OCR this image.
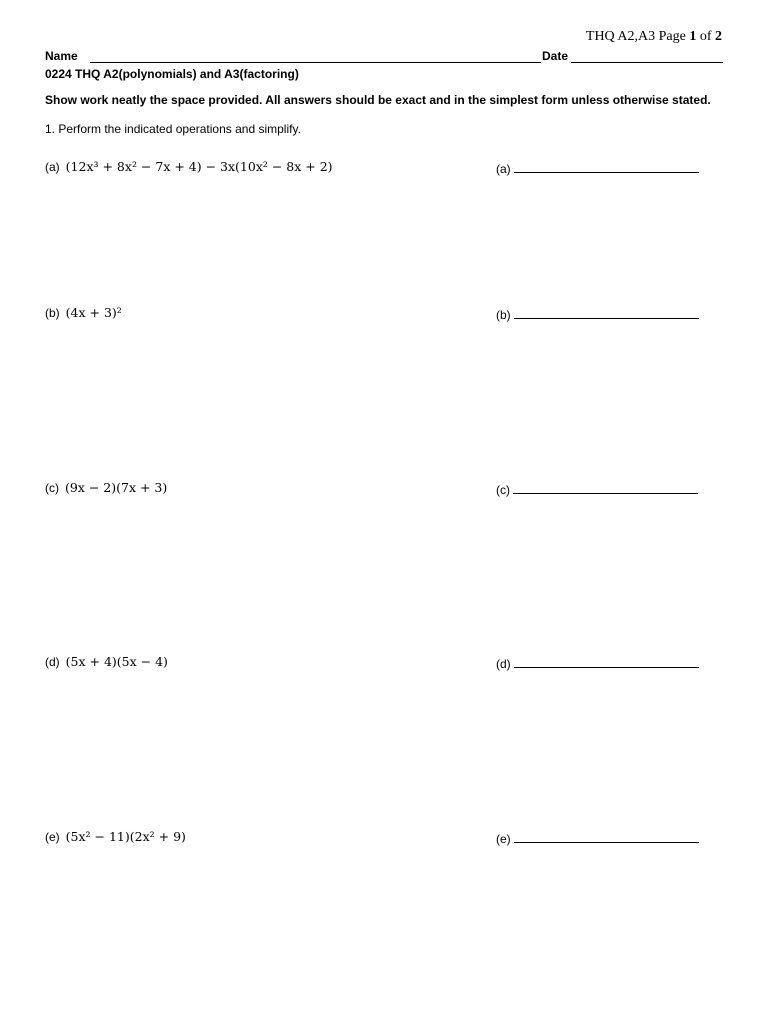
THQ A2,A3 Page 1 of 2
Name	Date
0224 THQ A2(polynomials) and A3(factoring)
Show work neatly the space provided. All answers should be exact and in the simplest form unless otherwise stated.
1. Perform the indicated operations and simplify.
(a) (12x³ + 8x² − 7x + 4) − 3x(10x² − 8x + 2)	(a)
(b) (4x + 3)²	(b)
(c) (9x − 2)(7x + 3)	(c)
(d) (5x + 4)(5x − 4)	(d)
(e) (5x² − 11)(2x² + 9)	(e)
